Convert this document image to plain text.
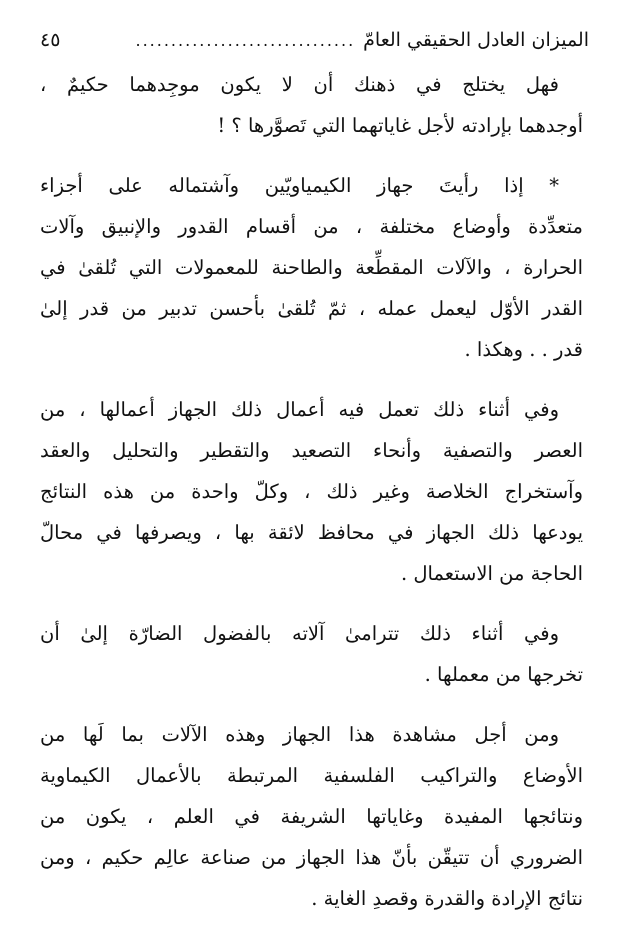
الميزان العادل الحقيقي العامّ
...............................
٤٥
فهل يختلج في ذهنك أن لا يكون موجِدهما حكيمٌ ،
أوجدهما بإرادته لأجل غاياتهما التي تَصوَّرها ؟ !
* إذا رأيتَ جهاز الكيمياويّين وآشتماله على أجزاء
متعدِّدة وأوضاع مختلفة ، من أقسام القدور والإنبيق وآلات
الحرارة ، والآلات المقطِّعة والطاحنة للمعمولات التي تُلقىٰ في
القدر الأوّل ليعمل عمله ، ثمّ تُلقىٰ بأحسن تدبير من قدر إلىٰ
قدر . . وهكذا .
وفي أثناء ذلك تعمل فيه أعمال ذلك الجهاز أعمالها ، من
العصر والتصفية وأنحاء التصعيد والتقطير والتحليل والعقد
وآستخراج الخلاصة وغير ذلك ، وكلّ واحدة من هذه النتائج
يودعها ذلك الجهاز في محافظ لائقة بها ، ويصرفها في محالّ
الحاجة من الاستعمال .
وفي أثناء ذلك تترامىٰ آلاته بالفضول الضارّة إلىٰ أن
تخرجها من معملها .
ومن أجل مشاهدة هذا الجهاز وهذه الآلات بما لَها من
الأوضاع والتراكيب الفلسفية المرتبطة بالأعمال الكيماوية
ونتائجها المفيدة وغاياتها الشريفة في العلم ، يكون من
الضروري أن تتيقّن بأنّ هذا الجهاز من صناعة عالِم حكيم ، ومن
نتائج الإرادة والقدرة وقصدِ الغاية .
